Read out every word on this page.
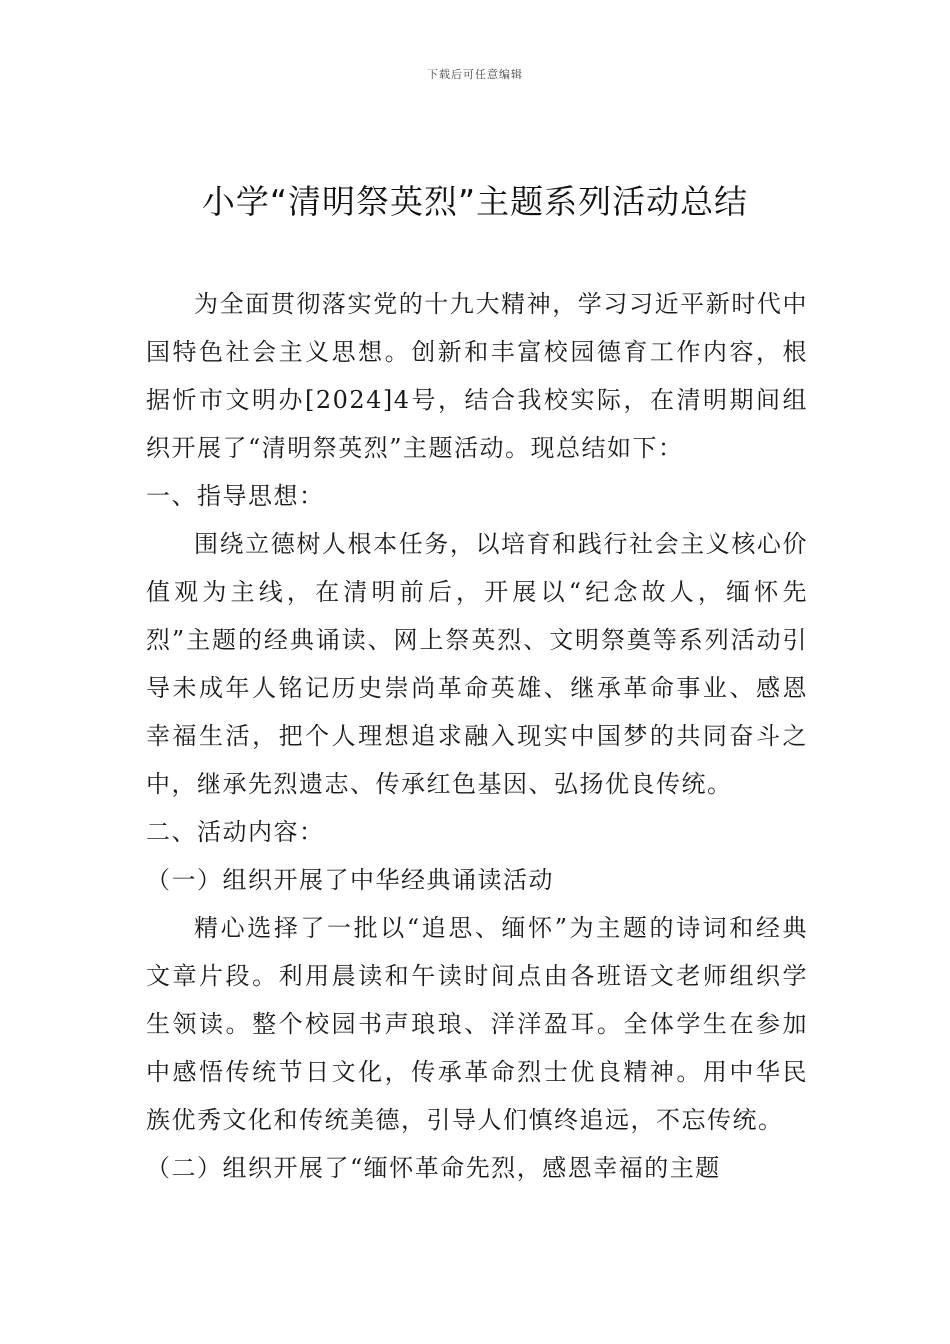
下载后可任意编辑
小学“清明祭英烈”主题系列活动总结

为全面贯彻落实党的十九大精神，学习习近平新时代中国特色社会主义思想。创新和丰富校园德育工作内容，根据忻市文明办[2024]4号，结合我校实际，在清明期间组织开展了“清明祭英烈”主题活动。现总结如下：

一、指导思想：

围绕立德树人根本任务，以培育和践行社会主义核心价值观为主线，在清明前后，开展以“纪念故人，缅怀先烈”主题的经典诵读、网上祭英烈、文明祭奠等系列活动引导未成年人铭记历史崇尚革命英雄、继承革命事业、感恩幸福生活，把个人理想追求融入现实中国梦的共同奋斗之中，继承先烈遗志、传承红色基因、弘扬优良传统。

二、活动内容：

（一）组织开展了中华经典诵读活动

精心选择了一批以“追思、缅怀”为主题的诗词和经典文章片段。利用晨读和午读时间点由各班语文老师组织学生领读。整个校园书声琅琅、洋洋盈耳。全体学生在参加中感悟传统节日文化，传承革命烈士优良精神。用中华民族优秀文化和传统美德，引导人们慎终追远，不忘传统。

（二）组织开展了“缅怀革命先烈，感恩幸福的主题
